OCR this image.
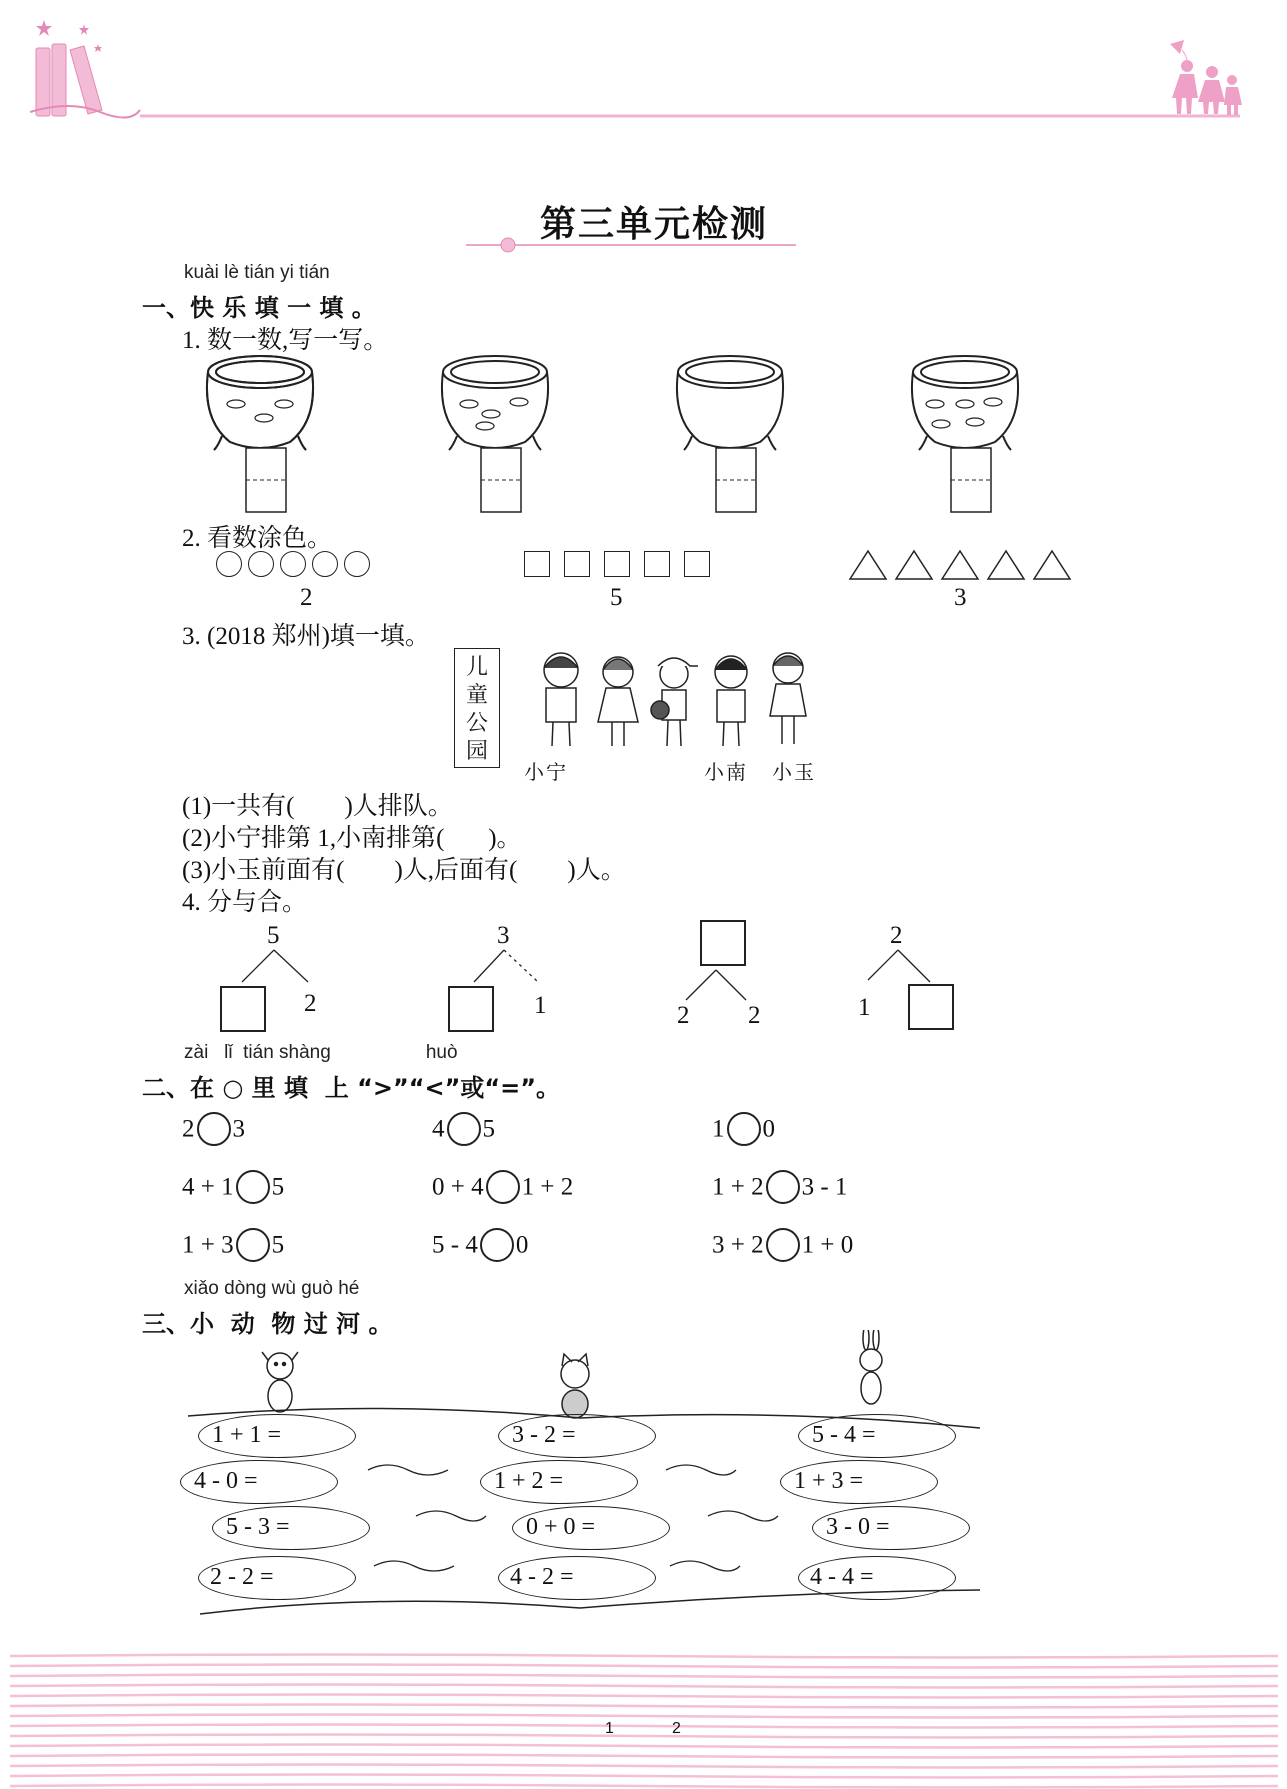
第三单元检测
kuài lè tián yi tián
一、快 乐 填 一 填 。
1. 数一数,写一写。
2. 看数涂色。
2	5	3
3. (2018 郑州)填一填。
儿
童
公
园
小宁	小南 小玉
(1)一共有(        )人排队。
(2)小宁排第 1,小南排第(       )。
(3)小玉前面有(        )人,后面有(        )人。
4. 分与合。
5
2
3
1	2 2
2
1
zài   lǐ  tián shàng                  huò
二、在 ○ 里 填  上 “>”“<”或“=”。
2 3	4 5	1 0
4 + 1 5	0 + 4 1 + 2	1 + 2 3 - 1
1 + 3 5	5 - 4 0	3 + 2 1 + 0
xiǎo dòng wù guò hé
三、小  动  物 过 河 。
1 + 1 =	3 - 2 =	5 - 4 =
4 - 0 =	1 + 2 =	1 + 3 =
5 - 3 =	0 + 0 =	3 - 0 =
2 - 2 =	4 - 2 =	4 - 4 =
1	2
